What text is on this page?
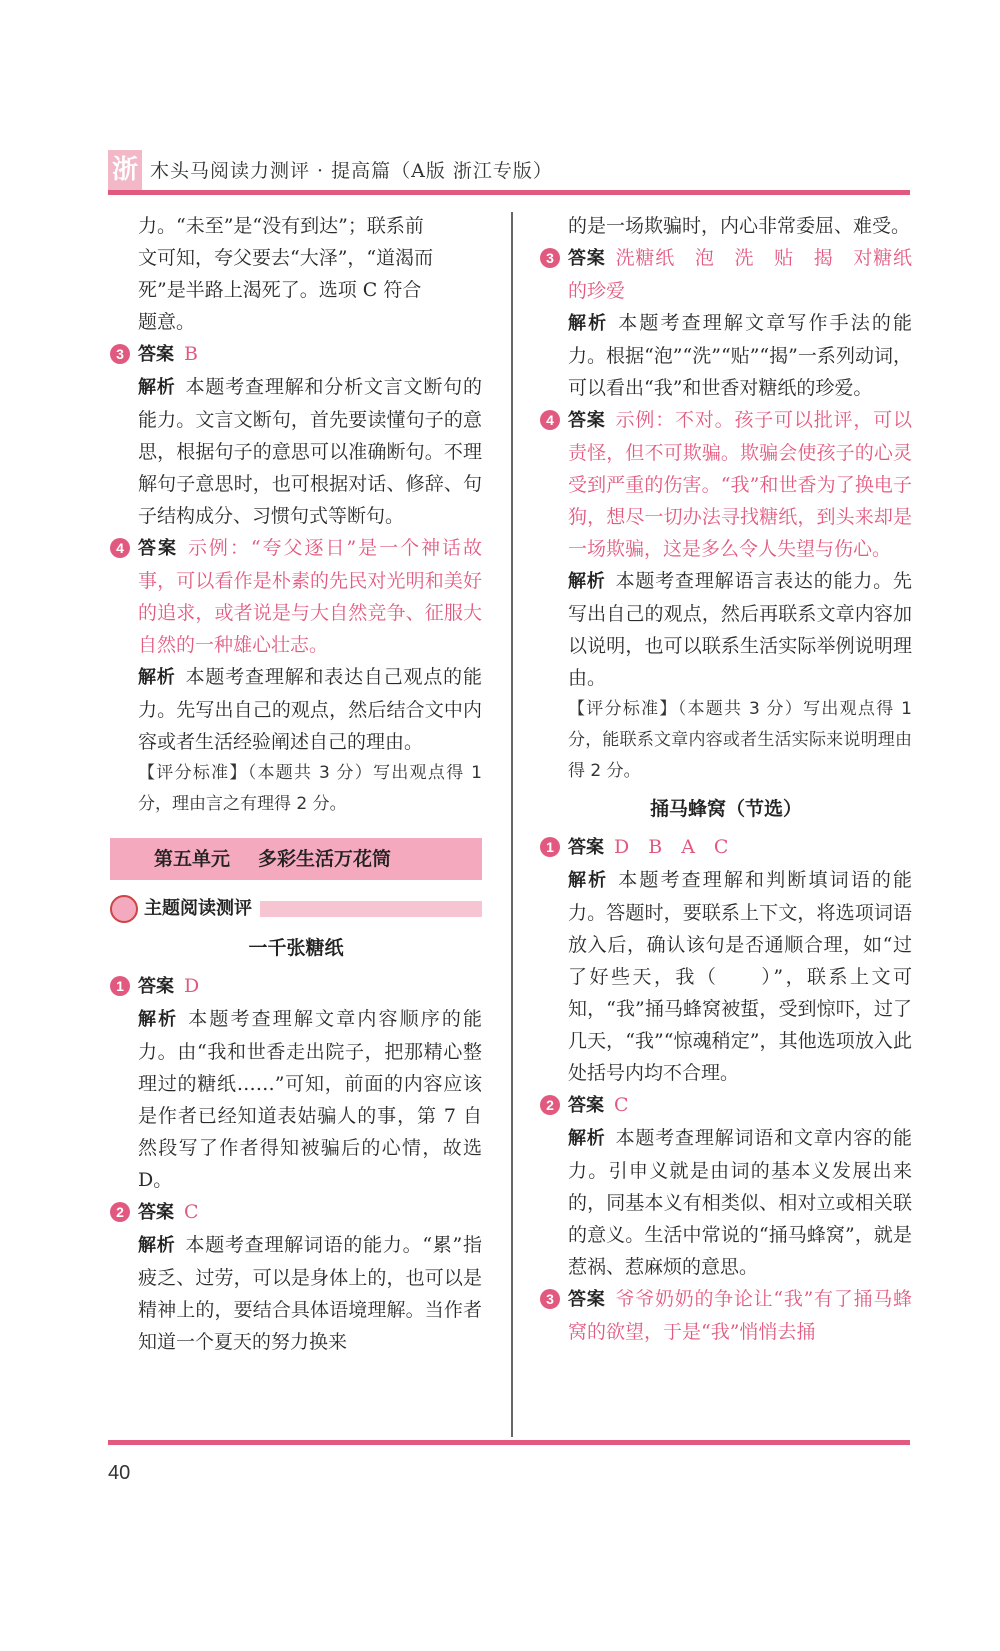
浙 木头马阅读力测评 · 提高篇（A版 浙江专版）

力。“未至”是“没有到达”；联系前

文可知，夸父要去“大泽”，“道渴而

死”是半路上渴死了。选项 C 符合

题意。

3 答案 B

解析 本题考查理解和分析文言文断句的能力。文言文断句，首先要读懂句子的意思，根据句子的意思可以准确断句。不理解句子意思时，也可根据对话、修辞、句子结构成分、习惯句式等断句。

4 答案 示例：“夸父逐日”是一个神话故事，可以看作是朴素的先民对光明和美好的追求，或者说是与大自然竞争、征服大自然的一种雄心壮志。

解析 本题考查理解和表达自己观点的能力。先写出自己的观点，然后结合文中内容或者生活经验阐述自己的理由。

【评分标准】（本题共 3 分）写出观点得 1 分，理由言之有理得 2 分。

第五单元 多彩生活万花筒
主题阅读测评
一千张糖纸
1 答案 D

解析 本题考查理解文章内容顺序的能力。由“我和世香走出院子，把那精心整理过的糖纸……”可知，前面的内容应该是作者已经知道表姑骗人的事，第 7 自然段写了作者得知被骗后的心情，故选 D。

2 答案 C

解析 本题考查理解词语的能力。“累”指疲乏、过劳，可以是身体上的，也可以是精神上的，要结合具体语境理解。当作者知道一个夏天的努力换来

的是一场欺骗时，内心非常委屈、难受。

3 答案 洗糖纸　泡　洗　贴　揭　对糖纸的珍爱

解析 本题考查理解文章写作手法的能力。根据“泡”“洗”“贴”“揭”一系列动词，可以看出“我”和世香对糖纸的珍爱。

4 答案 示例：不对。孩子可以批评，可以责怪，但不可欺骗。欺骗会使孩子的心灵受到严重的伤害。“我”和世香为了换电子狗，想尽一切办法寻找糖纸，到头来却是一场欺骗，这是多么令人失望与伤心。

解析 本题考查理解语言表达的能力。先写出自己的观点，然后再联系文章内容加以说明，也可以联系生活实际举例说明理由。

【评分标准】（本题共 3 分）写出观点得 1 分，能联系文章内容或者生活实际来说明理由得 2 分。

捅马蜂窝（节选）
1 答案 D　B　A　C

解析 本题考查理解和判断填词语的能力。答题时，要联系上下文，将选项词语放入后，确认该句是否通顺合理，如“过了好些天，我（　　）”，联系上文可知，“我”捅马蜂窝被蜇，受到惊吓，过了几天，“我”“惊魂稍定”，其他选项放入此处括号内均不合理。

2 答案 C

解析 本题考查理解词语和文章内容的能力。引申义就是由词的基本义发展出来的，同基本义有相类似、相对立或相关联的意义。生活中常说的“捅马蜂窝”，就是惹祸、惹麻烦的意思。

3 答案 爷爷奶奶的争论让“我”有了捅马蜂窝的欲望，于是“我”悄悄去捅
40
